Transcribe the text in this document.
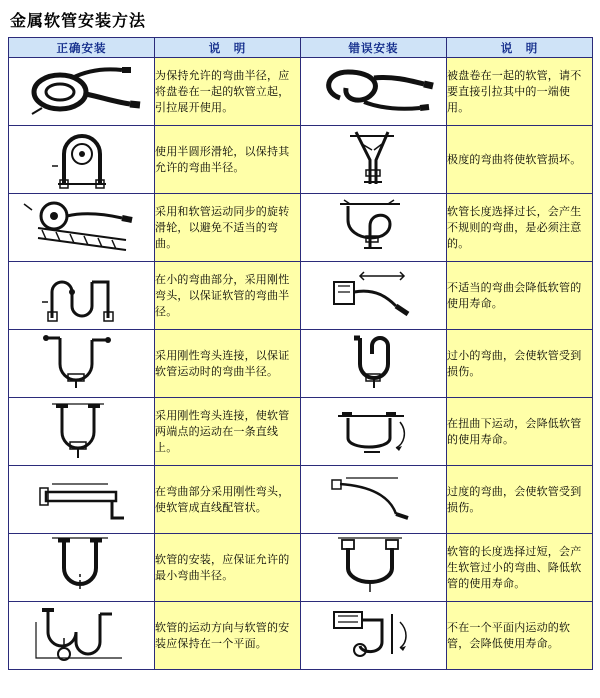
金属软管安装方法
正确安装	说　明	错误安装	说　明

	为保持允许的弯曲半径，应将盘卷在一起的软管立起，引拉展开使用。		被盘卷在一起的软管，请不要直接引拉其中的一端使用。

	使用半圆形滑轮，以保持其允许的弯曲半径。		极度的弯曲将使软管损坏。

	采用和软管运动同步的旋转滑轮，以避免不适当的弯曲。		软管长度选择过长，会产生不规则的弯曲，是必须注意的。

	在小的弯曲部分，采用刚性弯头，以保证软管的弯曲半径。		不适当的弯曲会降低软管的使用寿命。

	采用刚性弯头连接，以保证软管运动时的弯曲半径。		过小的弯曲，会使软管受到损伤。

	采用刚性弯头连接，使软管两端点的运动在一条直线上。		在扭曲下运动，会降低软管的使用寿命。

	在弯曲部分采用刚性弯头，使软管成直线配管状。		过度的弯曲，会使软管受到损伤。

	软管的安装，应保证允许的最小弯曲半径。		软管的长度选择过短，会产生软管过小的弯曲、降低软管的使用寿命。

	软管的运动方向与软管的安装应保持在一个平面。		不在一个平面内运动的软管，会降低使用寿命。
